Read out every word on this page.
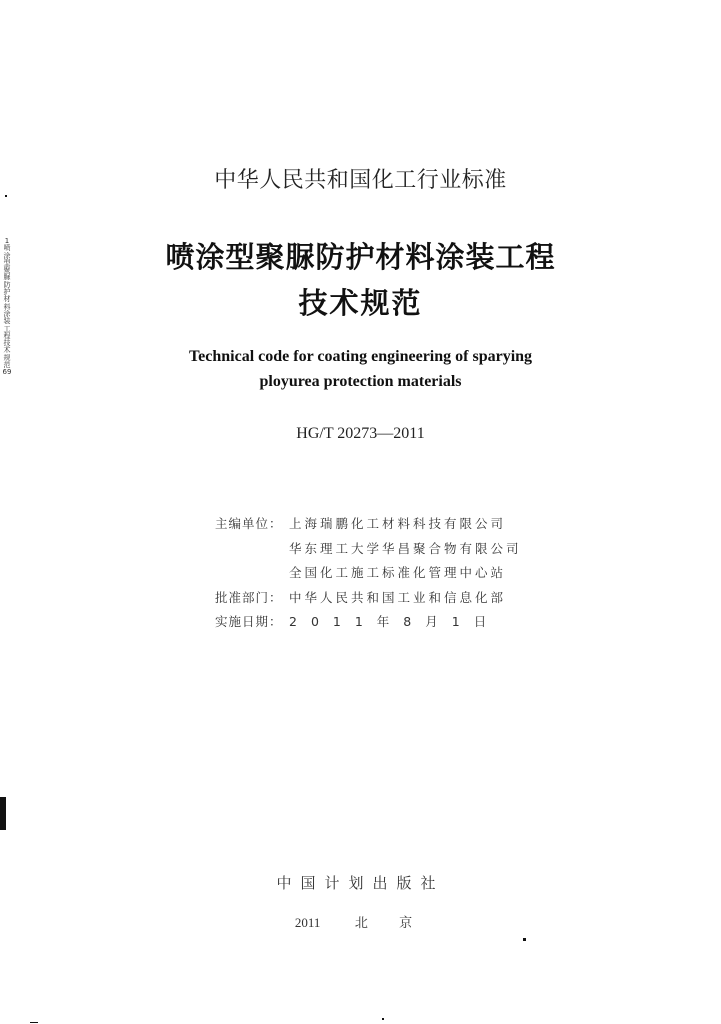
1 喷涂型聚脲防护材料涂装工程技术规范69
中华人民共和国化工行业标准
喷涂型聚脲防护材料涂装工程
技术规范
Technical code for coating engineering of sparying
ployurea protection materials
HG/T 20273—2011
主编单位： 上海瑞鹏化工材料科技有限公司
华东理工大学华昌聚合物有限公司
全国化工施工标准化管理中心站
批准部门： 中华人民共和国工业和信息化部
实施日期： 2011年8月1日
中国计划出版社
2011	北 京
